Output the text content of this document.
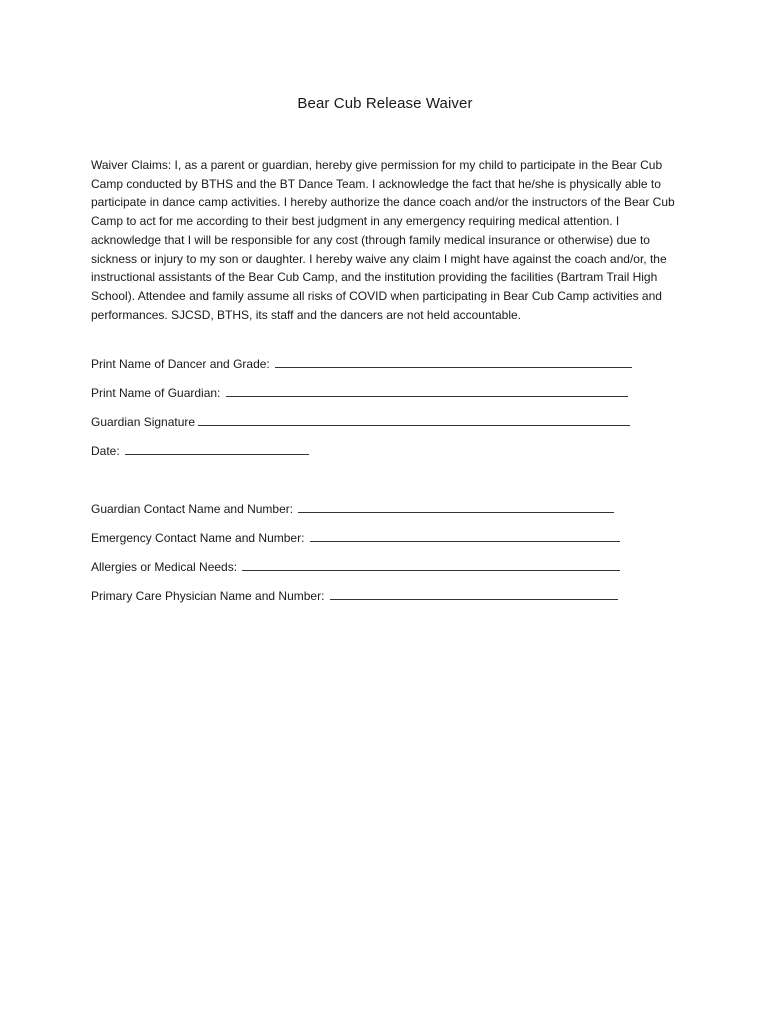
Bear Cub Release Waiver

Waiver Claims: I, as a parent or guardian, hereby give permission for my child to participate in the Bear Cub Camp conducted by BTHS and the BT Dance Team. I acknowledge the fact that he/she is physically able to participate in dance camp activities. I hereby authorize the dance coach and/or the instructors of the Bear Cub Camp to act for me according to their best judgment in any emergency requiring medical attention. I acknowledge that I will be responsible for any cost (through family medical insurance or otherwise) due to sickness or injury to my son or daughter. I hereby waive any claim I might have against the coach and/or, the instructional assistants of the Bear Cub Camp, and the institution providing the facilities (Bartram Trail High School). Attendee and family assume all risks of COVID when participating in Bear Cub Camp activities and performances. SJCSD, BTHS, its staff and the dancers are not held accountable.

Print Name of Dancer and Grade:
Print Name of Guardian:
Guardian Signature
Date:
Guardian Contact Name and Number:
Emergency Contact Name and Number:
Allergies or Medical Needs:
Primary Care Physician Name and Number:
